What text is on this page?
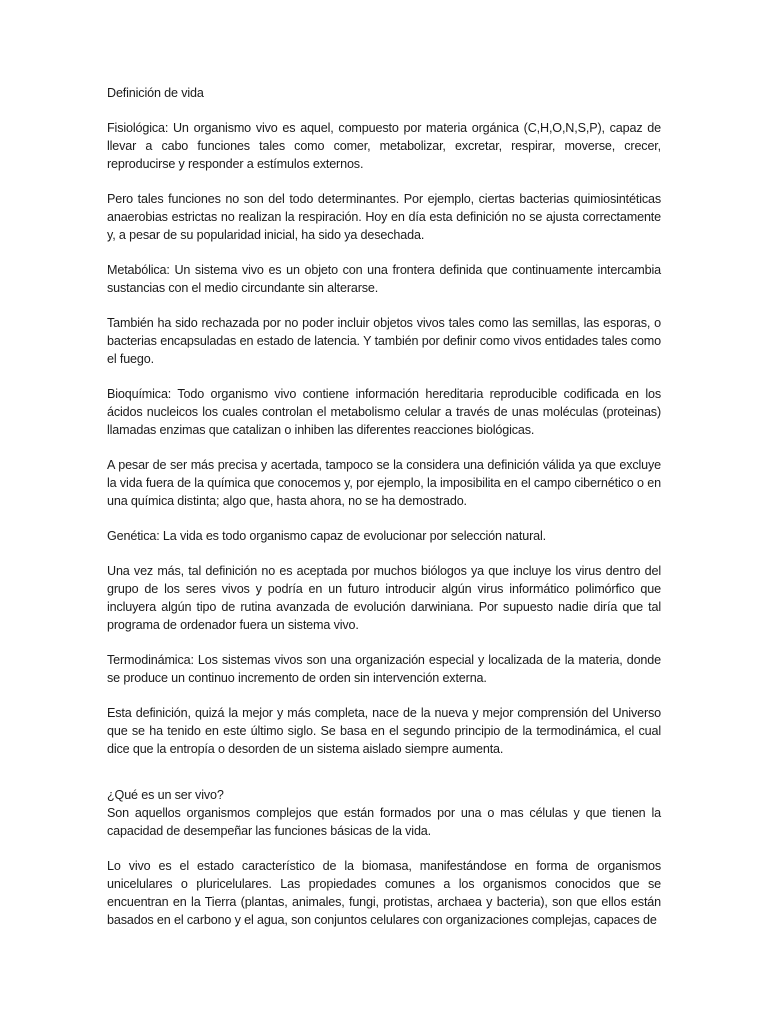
Definición de vida

Fisiológica: Un organismo vivo es aquel, compuesto por materia orgánica (C,H,O,N,S,P), capaz de llevar a cabo funciones tales como comer, metabolizar, excretar, respirar, moverse, crecer, reproducirse y responder a estímulos externos.

Pero tales funciones no son del todo determinantes. Por ejemplo, ciertas bacterias quimiosintéticas anaerobias estrictas no realizan la respiración. Hoy en día esta definición no se ajusta correctamente y, a pesar de su popularidad inicial, ha sido ya desechada.

Metabólica: Un sistema vivo es un objeto con una frontera definida que continuamente intercambia sustancias con el medio circundante sin alterarse.

También ha sido rechazada por no poder incluir objetos vivos tales como las semillas, las esporas, o bacterias encapsuladas en estado de latencia. Y también por definir como vivos entidades tales como el fuego.

Bioquímica: Todo organismo vivo contiene información hereditaria reproducible codificada en los ácidos nucleicos los cuales controlan el metabolismo celular a través de unas moléculas (proteinas) llamadas enzimas que catalizan o inhiben las diferentes reacciones biológicas.

A pesar de ser más precisa y acertada, tampoco se la considera una definición válida ya que excluye la vida fuera de la química que conocemos y, por ejemplo, la imposibilita en el campo cibernético o en una química distinta; algo que, hasta ahora, no se ha demostrado.

Genética: La vida es todo organismo capaz de evolucionar por selección natural.

Una vez más, tal definición no es aceptada por muchos biólogos ya que incluye los virus dentro del grupo de los seres vivos y podría en un futuro introducir algún virus informático polimórfico que incluyera algún tipo de rutina avanzada de evolución darwiniana. Por supuesto nadie diría que tal programa de ordenador fuera un sistema vivo.

Termodinámica: Los sistemas vivos son una organización especial y localizada de la materia, donde se produce un continuo incremento de orden sin intervención externa.

Esta definición, quizá la mejor y más completa, nace de la nueva y mejor comprensión del Universo que se ha tenido en este último siglo. Se basa en el segundo principio de la termodinámica, el cual dice que la entropía o desorden de un sistema aislado siempre aumenta.

¿Qué es un ser vivo?

Son aquellos organismos complejos que están formados por una o mas células y que tienen la capacidad de desempeñar las funciones básicas de la vida.

Lo vivo es el estado característico de la biomasa, manifestándose en forma de organismos unicelulares o pluricelulares. Las propiedades comunes a los organismos conocidos que se encuentran en la Tierra (plantas, animales, fungi, protistas, archaea y bacteria), son que ellos están basados en el carbono y el agua, son conjuntos celulares con organizaciones complejas, capaces de
